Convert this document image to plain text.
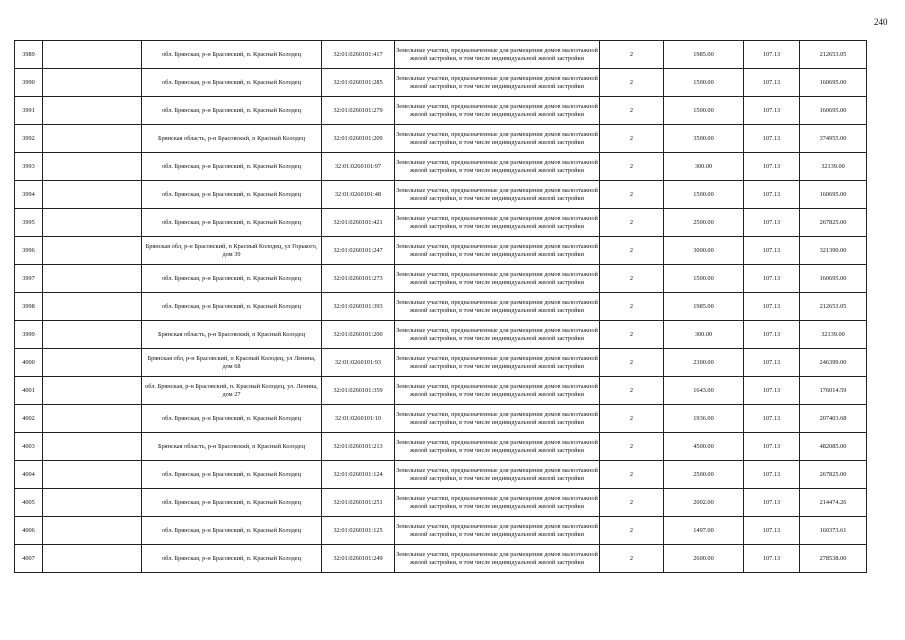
240
3989		обл. Брянская, р-н Брасовский, п. Красный Колодец	32:01:0260101:417	Земельные участки, предназначенные для размещения домов малоэтажной жилой застройки, в том числе индивидуальной жилой застройки	2	1985.00	107.13	212653.05
3990		обл. Брянская, р-н Брасовский, п. Красный Колодец	32:01:0260101:285	Земельные участки, предназначенные для размещения домов малоэтажной жилой застройки, в том числе индивидуальной жилой застройки	2	1500.00	107.13	160695.00
3991		обл. Брянская, р-н Брасовский, п. Красный Колодец	32:01:0260101:279	Земельные участки, предназначенные для размещения домов малоэтажной жилой застройки, в том числе индивидуальной жилой застройки	2	1500.00	107.13	160695.00
3992		Брянская область, р-н Брасовский, п Красный Колодец	32:01:0260101:209	Земельные участки, предназначенные для размещения домов малоэтажной жилой застройки, в том числе индивидуальной жилой застройки	2	3500.00	107.13	374955.00
3993		обл. Брянская, р-н Брасовский, п. Красный Колодец	32:01:0260101:97	Земельные участки, предназначенные для размещения домов малоэтажной жилой застройки, в том числе индивидуальной жилой застройки	2	300.00	107.13	32139.00
3994		обл. Брянская, р-н Брасовский, п. Красный Колодец	32:01:0260101:48	Земельные участки, предназначенные для размещения домов малоэтажной жилой застройки, в том числе индивидуальной жилой застройки	2	1500.00	107.13	160695.00
3995		обл. Брянская, р-н Брасовский, п. Красный Колодец	32:01:0260101:421	Земельные участки, предназначенные для размещения домов малоэтажной жилой застройки, в том числе индивидуальной жилой застройки	2	2500.00	107.13	267825.00
3996		Брянская обл, р-н Брасовский, п Красный Колодец, ул Горького, дом 39	32:01:0260101:247	Земельные участки, предназначенные для размещения домов малоэтажной жилой застройки, в том числе индивидуальной жилой застройки	2	3000.00	107.13	321390.00
3997		обл. Брянская, р-н Брасовский, п. Красный Колодец	32:01:0260101:273	Земельные участки, предназначенные для размещения домов малоэтажной жилой застройки, в том числе индивидуальной жилой застройки	2	1500.00	107.13	160695.00
3998		обл. Брянская, р-н Брасовский, п. Красный Колодец	32:01:0260101:393	Земельные участки, предназначенные для размещения домов малоэтажной жилой застройки, в том числе индивидуальной жилой застройки	2	1985.00	107.13	212653.05
3999		Брянская область, р-н Брасовский, п Красный Колодец	32:01:0260101:200	Земельные участки, предназначенные для размещения домов малоэтажной жилой застройки, в том числе индивидуальной жилой застройки	2	300.00	107.13	32139.00
4000		Брянская обл, р-н Брасовский, п Красный Колодец, ул Ленина, дом 68	32:01:0260101:93	Земельные участки, предназначенные для размещения домов малоэтажной жилой застройки, в том числе индивидуальной жилой застройки	2	2300.00	107.13	246399.00
4001		обл. Брянская, р-н Брасовский, п. Красный Колодец, ул. Ленина, дом 27	32:01:0260101:359	Земельные участки, предназначенные для размещения домов малоэтажной жилой застройки, в том числе индивидуальной жилой застройки	2	1643.00	107.13	176014.59
4002		обл. Брянская, р-н Брасовский, п. Красный Колодец	32:01:0260101:10	Земельные участки, предназначенные для размещения домов малоэтажной жилой застройки, в том числе индивидуальной жилой застройки	2	1936.00	107.13	207403.68
4003		Брянская область, р-н Брасовский, п Красный Колодец	32:01:0260101:213	Земельные участки, предназначенные для размещения домов малоэтажной жилой застройки, в том числе индивидуальной жилой застройки	2	4500.00	107.13	482085.00
4004		обл. Брянская, р-н Брасовский, п. Красный Колодец	32:01:0260101:124	Земельные участки, предназначенные для размещения домов малоэтажной жилой застройки, в том числе индивидуальной жилой застройки	2	2500.00	107.13	267825.00
4005		обл. Брянская, р-н Брасовский, п. Красный Колодец	32:01:0260101:251	Земельные участки, предназначенные для размещения домов малоэтажной жилой застройки, в том числе индивидуальной жилой застройки	2	2002.00	107.13	214474.26
4006		обл. Брянская, р-н Брасовский, п. Красный Колодец	32:01:0260101:125	Земельные участки, предназначенные для размещения домов малоэтажной жилой застройки, в том числе индивидуальной жилой застройки	2	1497.00	107.13	160373.61
4007		обл. Брянская, р-н Брасовский, п. Красный Колодец	32:01:0260101:249	Земельные участки, предназначенные для размещения домов малоэтажной жилой застройки, в том числе индивидуальной жилой застройки	2	2600.00	107.13	278538.00
